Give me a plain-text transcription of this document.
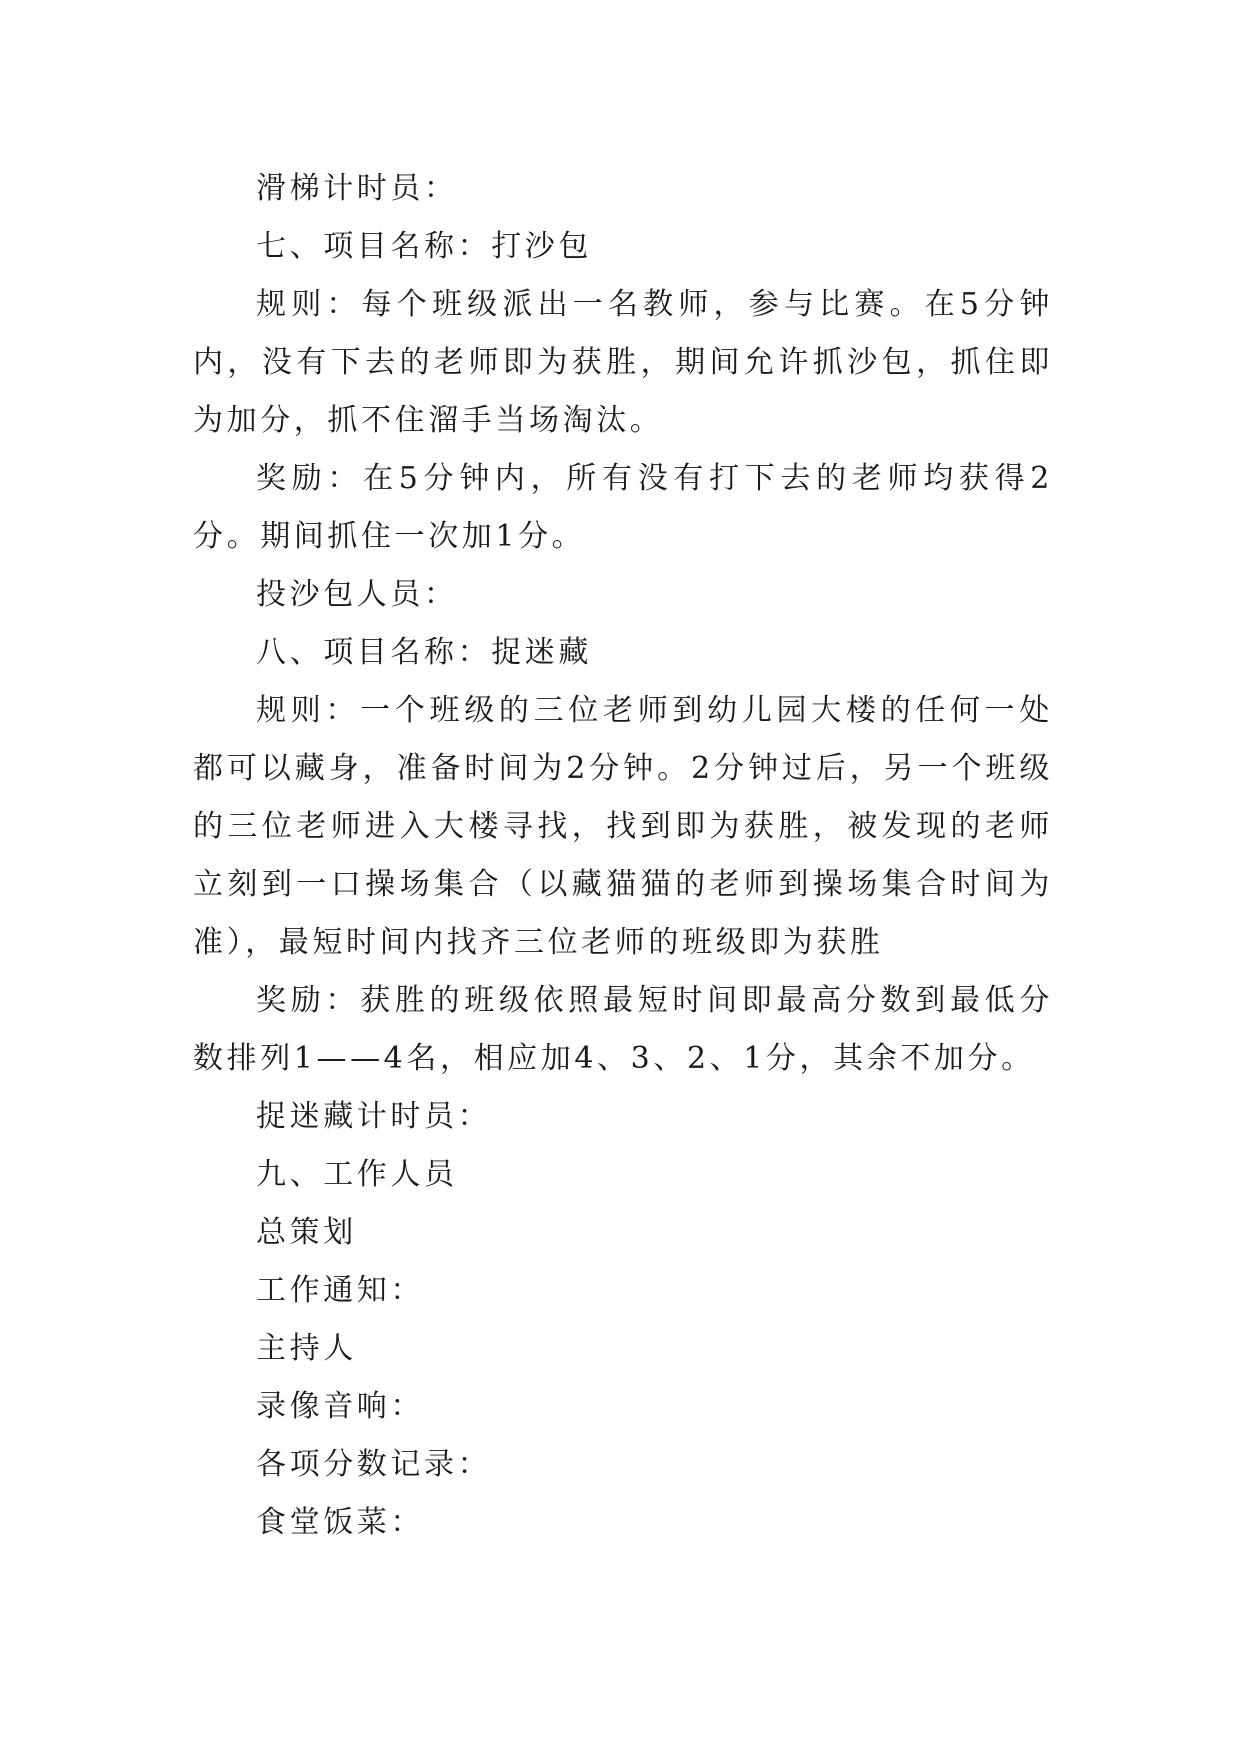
滑梯计时员：

七、项目名称：打沙包

规则：每个班级派出一名教师，参与比赛。在5分钟内，没有下去的老师即为获胜，期间允许抓沙包，抓住即为加分，抓不住溜手当场淘汰。

奖励：在5分钟内，所有没有打下去的老师均获得2分。期间抓住一次加1分。

投沙包人员：

八、项目名称：捉迷藏

规则：一个班级的三位老师到幼儿园大楼的任何一处都可以藏身，准备时间为2分钟。2分钟过后，另一个班级的三位老师进入大楼寻找，找到即为获胜，被发现的老师立刻到一口操场集合（以藏猫猫的老师到操场集合时间为准），最短时间内找齐三位老师的班级即为获胜

奖励：获胜的班级依照最短时间即最高分数到最低分数排列1——4名，相应加4、3、2、1分，其余不加分。

捉迷藏计时员：

九、工作人员

总策划

工作通知：

主持人

录像音响：

各项分数记录：

食堂饭菜：
